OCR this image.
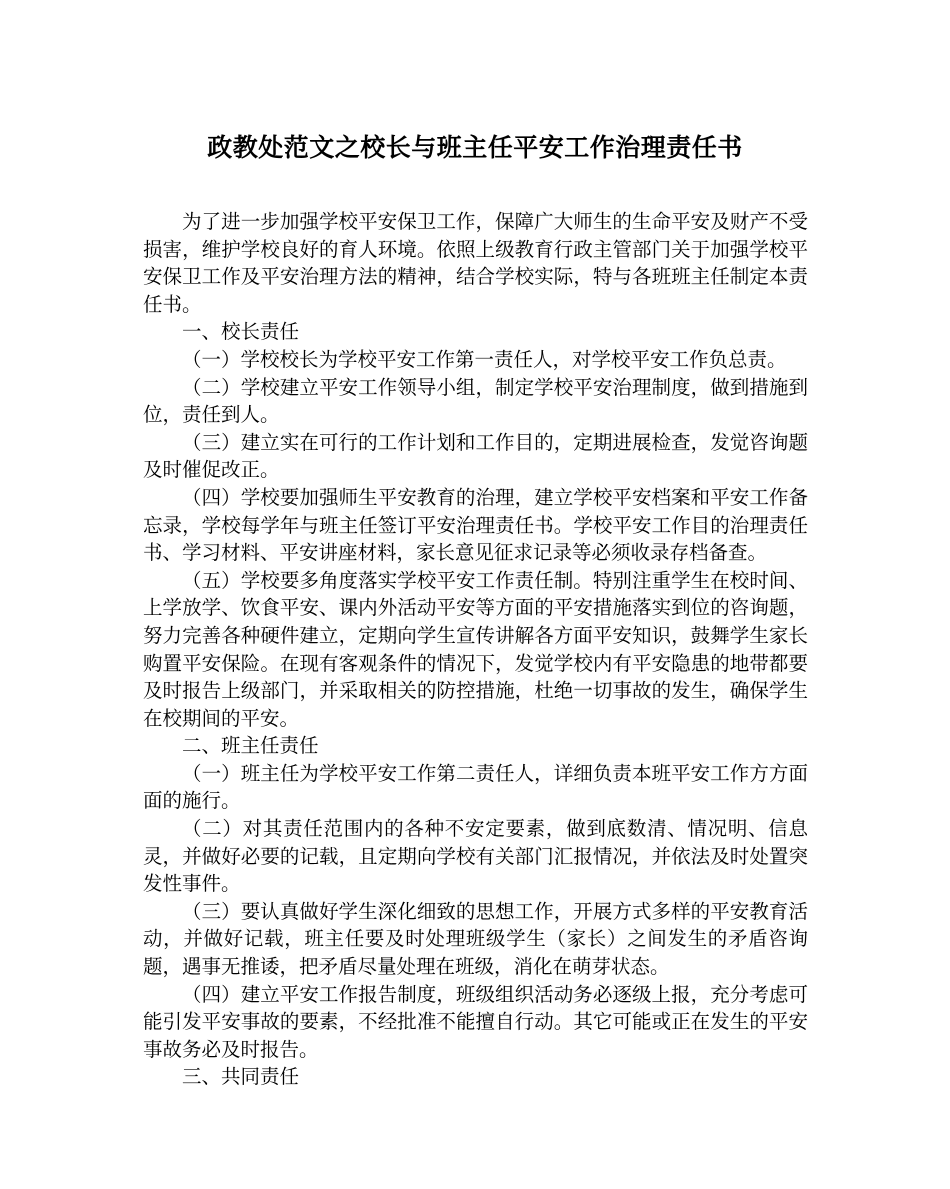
政教处范文之校长与班主任平安工作治理责任书

为了进一步加强学校平安保卫工作，保障广大师生的生命平安及财产不受损害，维护学校良好的育人环境。依照上级教育行政主管部门关于加强学校平安保卫工作及平安治理方法的精神，结合学校实际，特与各班班主任制定本责任书。

一、校长责任

（一）学校校长为学校平安工作第一责任人，对学校平安工作负总责。

（二）学校建立平安工作领导小组，制定学校平安治理制度，做到措施到位，责任到人。

（三）建立实在可行的工作计划和工作目的，定期进展检查，发觉咨询题及时催促改正。

（四）学校要加强师生平安教育的治理，建立学校平安档案和平安工作备忘录，学校每学年与班主任签订平安治理责任书。学校平安工作目的治理责任书、学习材料、平安讲座材料，家长意见征求记录等必须收录存档备查。

（五）学校要多角度落实学校平安工作责任制。特别注重学生在校时间、上学放学、饮食平安、课内外活动平安等方面的平安措施落实到位的咨询题，努力完善各种硬件建立，定期向学生宣传讲解各方面平安知识，鼓舞学生家长购置平安保险。在现有客观条件的情况下，发觉学校内有平安隐患的地带都要及时报告上级部门，并采取相关的防控措施，杜绝一切事故的发生，确保学生在校期间的平安。

二、班主任责任

（一）班主任为学校平安工作第二责任人，详细负责本班平安工作方方面面的施行。

（二）对其责任范围内的各种不安定要素，做到底数清、情况明、信息灵，并做好必要的记载，且定期向学校有关部门汇报情况，并依法及时处置突发性事件。

（三）要认真做好学生深化细致的思想工作，开展方式多样的平安教育活动，并做好记载，班主任要及时处理班级学生（家长）之间发生的矛盾咨询题，遇事无推诿，把矛盾尽量处理在班级，消化在萌芽状态。

（四）建立平安工作报告制度，班级组织活动务必逐级上报，充分考虑可能引发平安事故的要素，不经批准不能擅自行动。其它可能或正在发生的平安事故务必及时报告。

三、共同责任
